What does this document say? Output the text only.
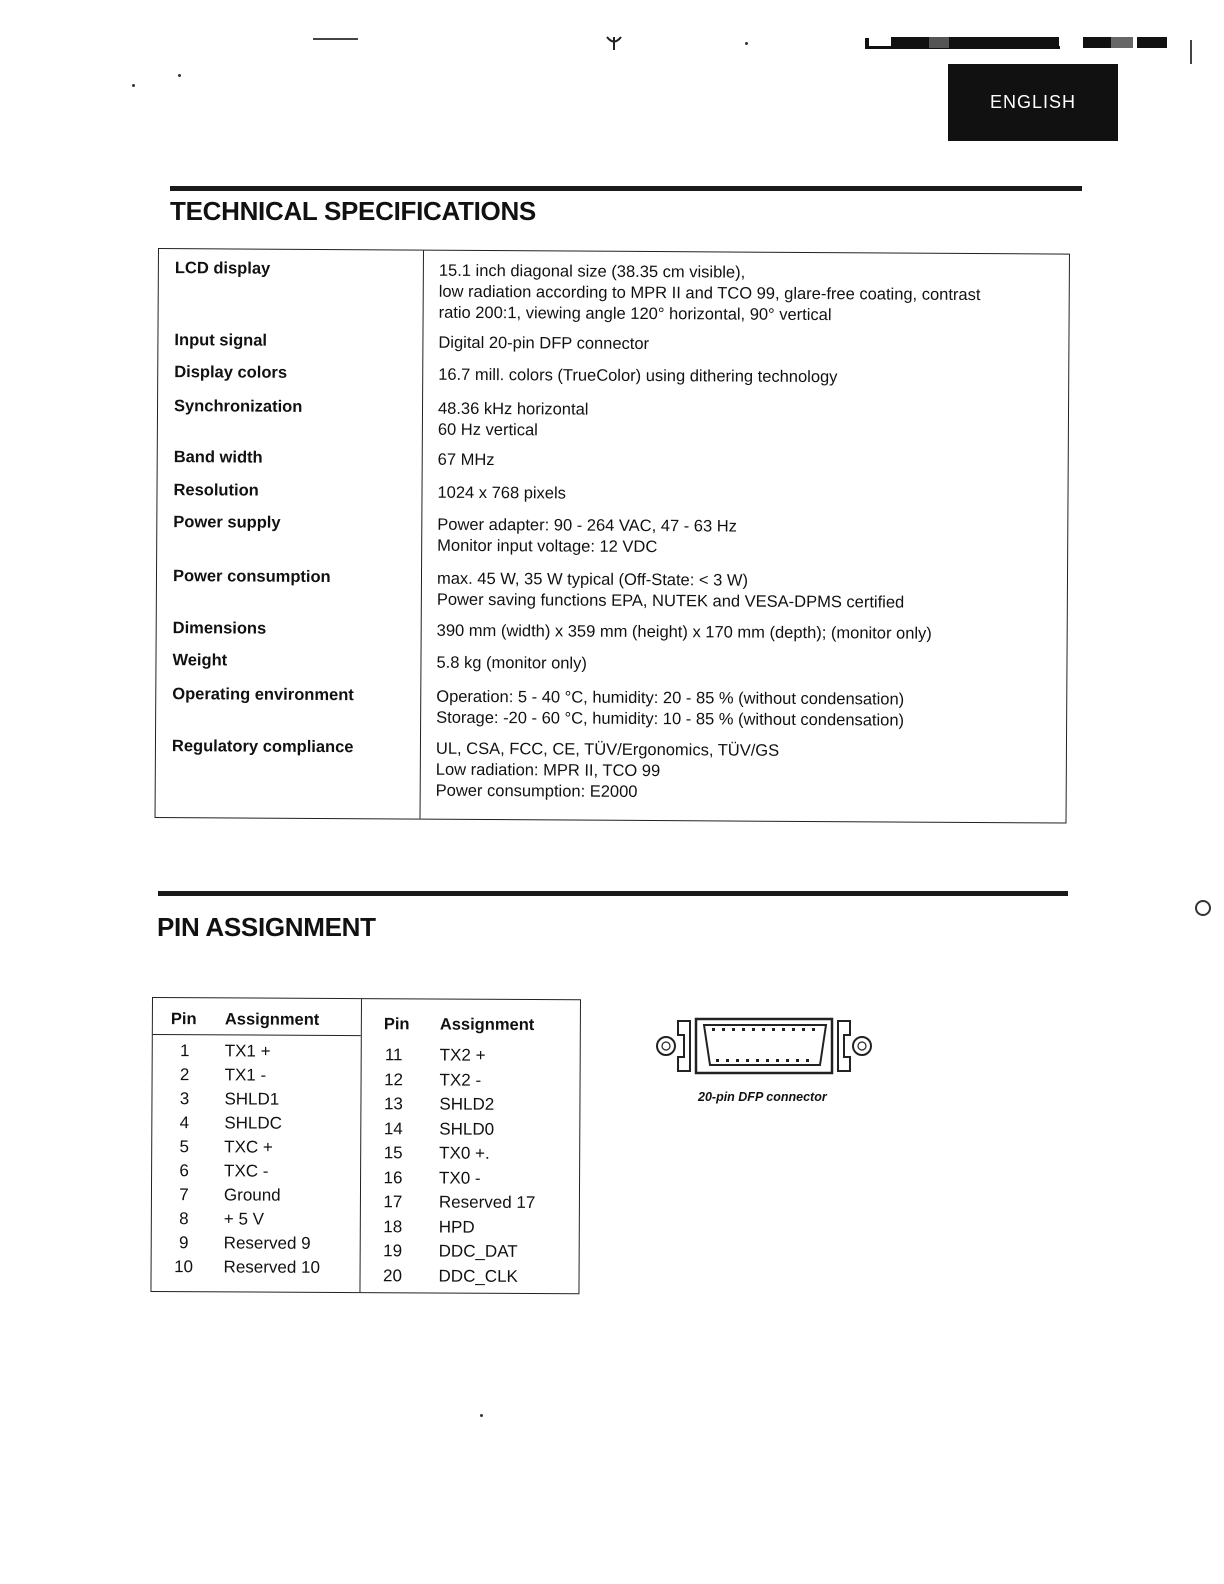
ENGLISH
TECHNICAL SPECIFICATIONS
LCD display	15.1 inch diagonal size (38.35 cm visible),
low radiation according to MPR II and TCO 99, glare-free coating, contrast
ratio 200:1, viewing angle 120° horizontal, 90° vertical
Input signal	Digital 20-pin DFP connector
Display colors	16.7 mill. colors (TrueColor) using dithering technology
Synchronization	48.36 kHz horizontal
60 Hz vertical
Band width	67 MHz
Resolution	1024 x 768 pixels
Power supply	Power adapter: 90 - 264 VAC, 47 - 63 Hz
Monitor input voltage: 12 VDC
Power consumption	max. 45 W, 35 W typical (Off-State: < 3 W)
Power saving functions EPA, NUTEK and VESA-DPMS certified
Dimensions	390 mm (width) x 359 mm (height) x 170 mm (depth); (monitor only)
Weight	5.8 kg (monitor only)
Operating environment	Operation: 5 - 40 °C, humidity: 20 - 85 % (without condensation)
Storage: -20 - 60 °C, humidity: 10 - 85 % (without condensation)
Regulatory compliance	UL, CSA, FCC, CE, TÜV/Ergonomics, TÜV/GS
Low radiation: MPR II, TCO 99
Power consumption: E2000
PIN ASSIGNMENT
Pin Assignment
1	TX1 +
2	TX1 -
3	SHLD1
4	SHLDC
5	TXC +
6	TXC -
7	Ground
8	+ 5 V
9	Reserved 9
10	Reserved 10
Pin Assignment
11	TX2 +
12	TX2 -
13	SHLD2
14	SHLD0
15	TX0 +.
16	TX0 -
17	Reserved 17
18	HPD
19	DDC_DAT
20	DDC_CLK
20-pin DFP connector
